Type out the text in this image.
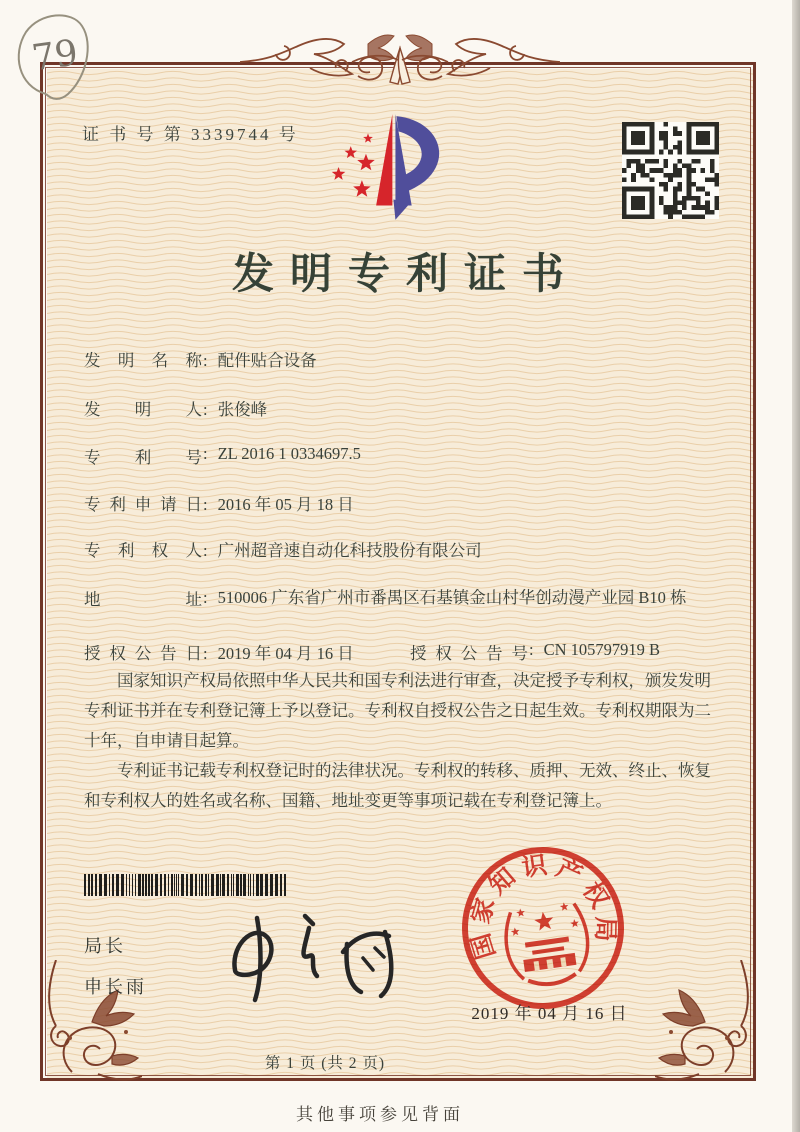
79
证 书 号 第 3339744 号
发明专利证书
发明名称: 配件贴合设备
发明人: 张俊峰
专利号: ZL 2016 1 0334697.5
专利申请日: 2016 年 05 月 18 日
专利权人: 广州超音速自动化科技股份有限公司
地址: 510006 广东省广州市番禺区石基镇金山村华创动漫产业园 B10 栋
授权公告日: 2019 年 04 月 16 日	授权公告号: CN 105797919 B

国家知识产权局依照中华人民共和国专利法进行审查，决定授予专利权，颁发发明专利证书并在专利登记簿上予以登记。专利权自授权公告之日起生效。专利权期限为二十年，自申请日起算。

专利证书记载专利权登记时的法律状况。专利权的转移、质押、无效、终止、恢复和专利权人的姓名或名称、国籍、地址变更等事项记载在专利登记簿上。

局长
申长雨
国
家
知 识 产
权
局
2019 年 04 月 16 日
第 1 页 (共 2 页)
其他事项参见背面
